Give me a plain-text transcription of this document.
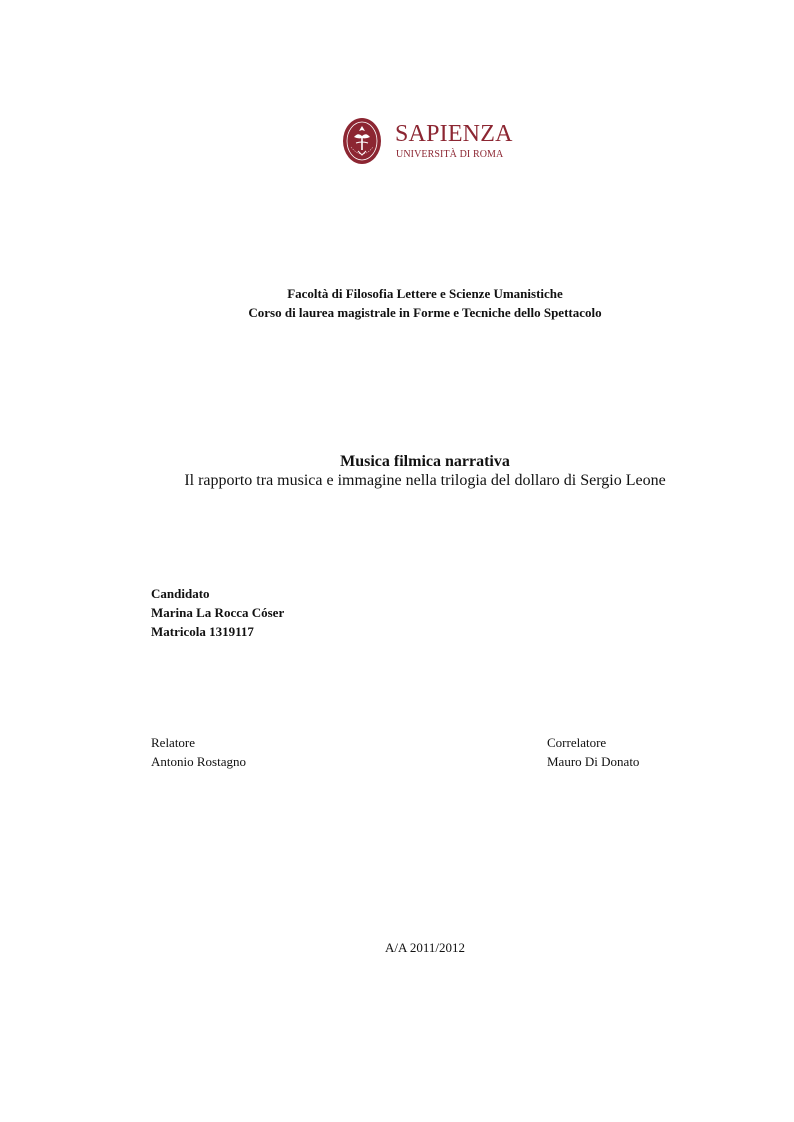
SAPIENZA
UNIVERSITÀ DI ROMA
Facoltà di Filosofia Lettere e Scienze Umanistiche
Corso di laurea magistrale in Forme e Tecniche dello Spettacolo
Musica filmica narrativa
Il rapporto tra musica e immagine nella trilogia del dollaro di Sergio Leone
Candidato
Marina La Rocca Cóser
Matricola 1319117
Relatore
Antonio Rostagno
Correlatore
Mauro Di Donato
A/A 2011/2012
